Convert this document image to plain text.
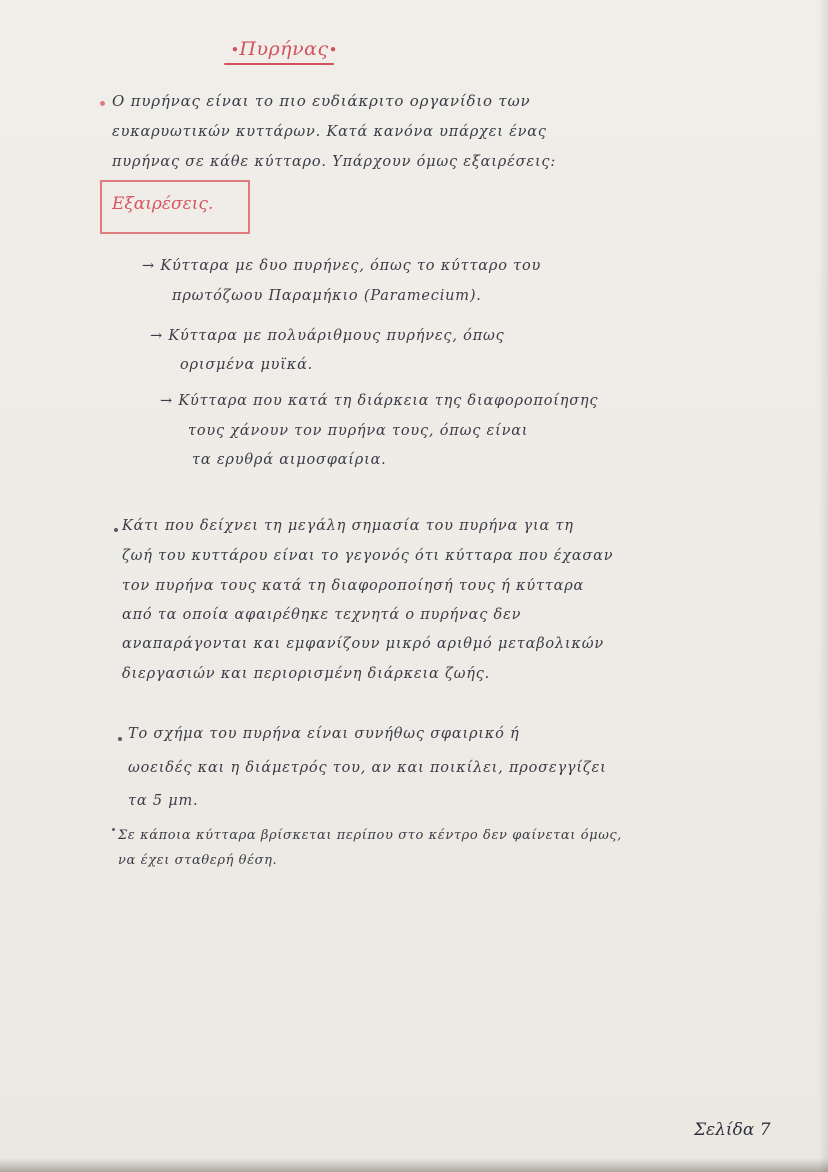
•Πυρήνας•
Ο πυρήνας είναι το πιο ευδιάκριτο οργανίδιο των
ευκαρυωτικών κυττάρων. Κατά κανόνα υπάρχει ένας
πυρήνας σε κάθε κύτταρο. Υπάρχουν όμως εξαιρέσεις:
Εξαιρέσεις.
→ Κύτταρα με δυο πυρήνες, όπως το κύτταρο του
πρωτόζωου Παραμήκιο (Paramecium).
→ Κύτταρα με πολυάριθμους πυρήνες, όπως
ορισμένα μυϊκά.
→ Κύτταρα που κατά τη διάρκεια της διαφοροποίησης
τους χάνουν τον πυρήνα τους, όπως είναι
τα ερυθρά αιμοσφαίρια.
Κάτι που δείχνει τη μεγάλη σημασία του πυρήνα για τη
ζωή του κυττάρου είναι το γεγονός ότι κύτταρα που έχασαν
τον πυρήνα τους κατά τη διαφοροποίησή τους ή κύτταρα
από τα οποία αφαιρέθηκε τεχνητά ο πυρήνας δεν
αναπαράγονται και εμφανίζουν μικρό αριθμό μεταβολικών
διεργασιών και περιορισμένη διάρκεια ζωής.
Το σχήμα του πυρήνα είναι συνήθως σφαιρικό ή
ωοειδές και η διάμετρός του, αν και ποικίλει, προσεγγίζει
τα 5 μm.
Σε κάποια κύτταρα βρίσκεται περίπου στο κέντρο δεν φαίνεται όμως,
να έχει σταθερή θέση.
Σελίδα 7
